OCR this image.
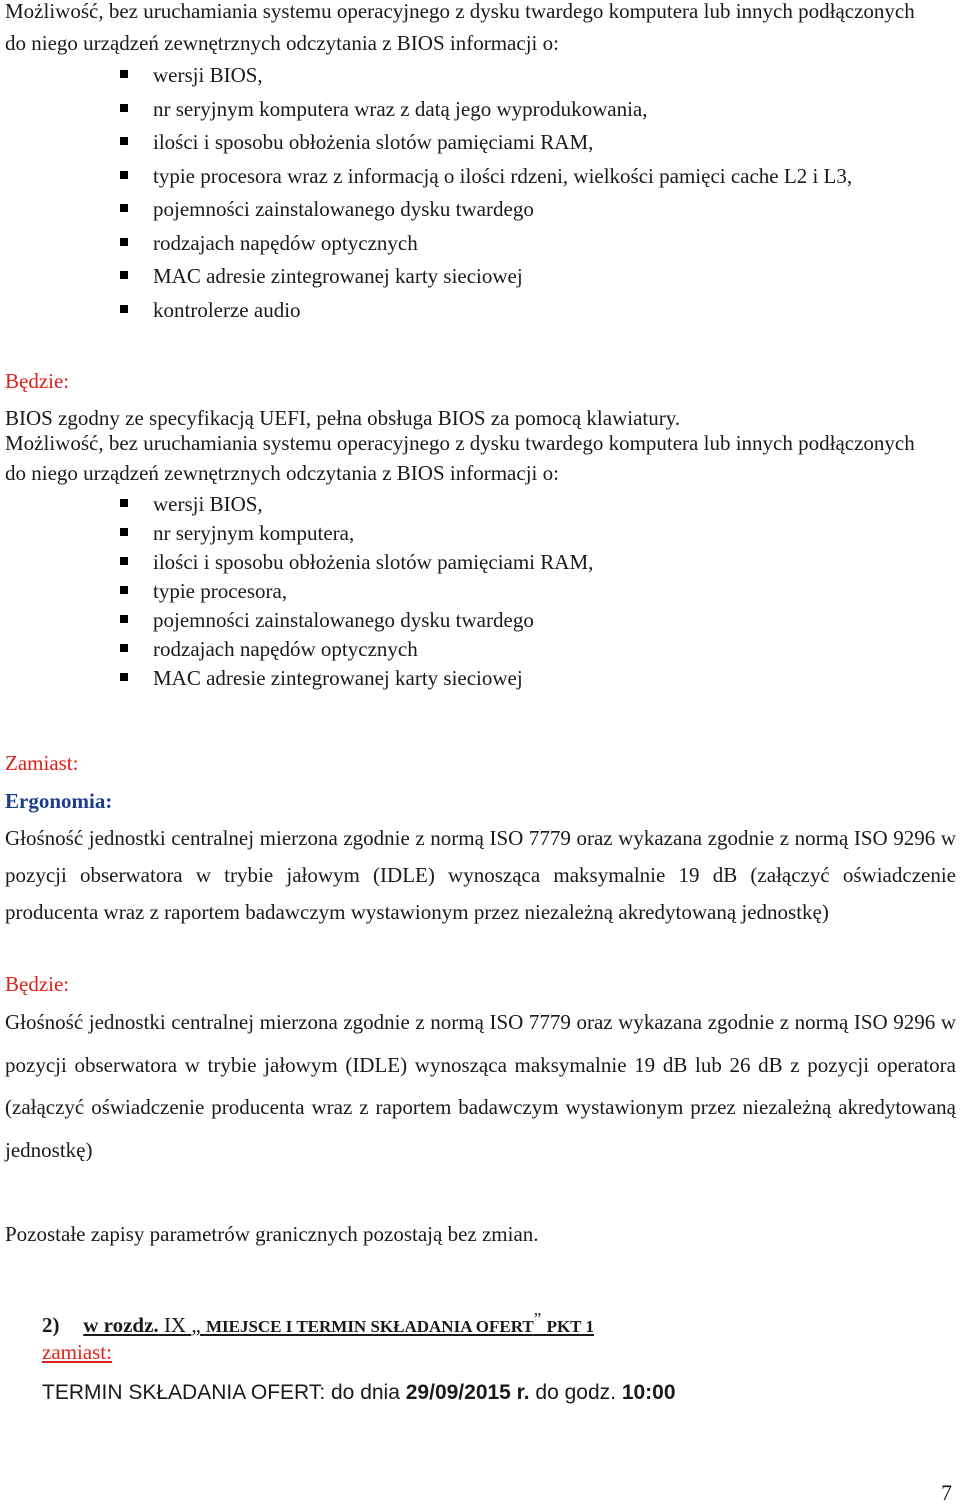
Możliwość, bez uruchamiania systemu operacyjnego z dysku twardego komputera lub innych podłączonych do niego urządzeń zewnętrznych odczytania z BIOS informacji o:

wersji BIOS,
nr seryjnym komputera wraz z datą jego wyprodukowania,
ilości i sposobu obłożenia slotów pamięciami RAM,
typie procesora wraz z informacją o ilości rdzeni, wielkości pamięci cache L2 i L3,
pojemności zainstalowanego dysku twardego
rodzajach napędów optycznych
MAC adresie zintegrowanej karty sieciowej
kontrolerze audio

Będzie:

BIOS zgodny ze specyfikacją UEFI, pełna obsługa BIOS za pomocą klawiatury.

Możliwość, bez uruchamiania systemu operacyjnego z dysku twardego komputera lub innych podłączonych do niego urządzeń zewnętrznych odczytania z BIOS informacji o:

wersji BIOS,
nr seryjnym komputera,
ilości i sposobu obłożenia slotów pamięciami RAM,
typie procesora,
pojemności zainstalowanego dysku twardego
rodzajach napędów optycznych
MAC adresie zintegrowanej karty sieciowej

Zamiast:

Ergonomia:

Głośność jednostki centralnej mierzona zgodnie z normą ISO 7779 oraz wykazana zgodnie z normą ISO 9296 w pozycji obserwatora w trybie jałowym (IDLE) wynosząca maksymalnie 19 dB (załączyć oświadczenie producenta wraz z raportem badawczym wystawionym przez niezależną akredytowaną jednostkę)

Będzie:

Głośność jednostki centralnej mierzona zgodnie z normą ISO 7779 oraz wykazana zgodnie z normą ISO 9296 w pozycji obserwatora w trybie jałowym (IDLE) wynosząca maksymalnie 19 dB lub 26 dB z pozycji operatora (załączyć oświadczenie producenta wraz z raportem badawczym wystawionym przez niezależną akredytowaną jednostkę)

Pozostałe zapisy parametrów granicznych pozostają bez zmian.

2) w rozdz. IX „ MIEJSCE I TERMIN SKŁADANIA OFERT” PKT 1

zamiast:

TERMIN SKŁADANIA OFERT: do dnia 29/09/2015 r. do godz. 10:00

7
